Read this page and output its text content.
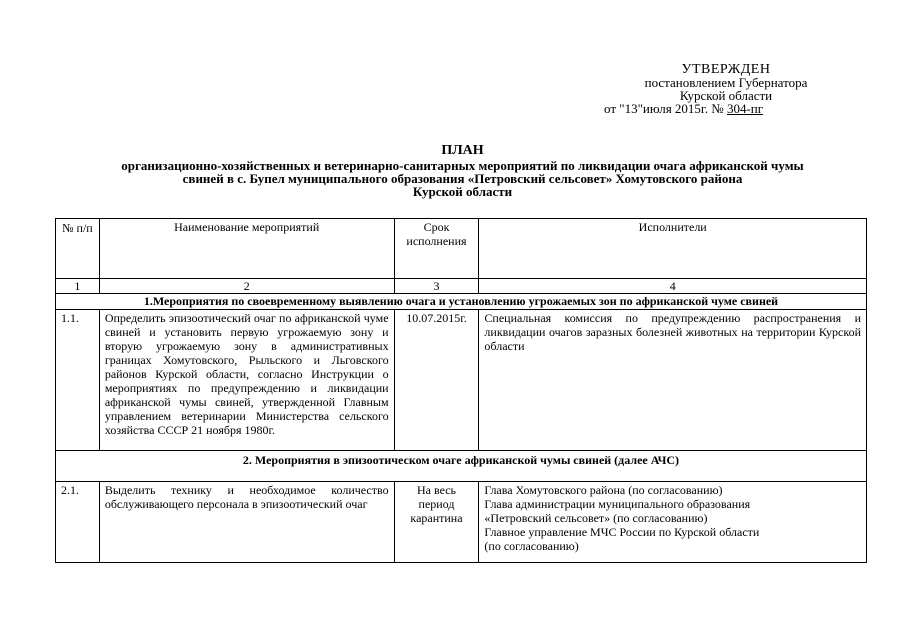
УТВЕРЖДЕН
постановлением Губернатора
Курской области
от "13"июля 2015г. № 304-пг
ПЛАН
организационно-хозяйственных и ветеринарно-санитарных мероприятий по ликвидации очага африканской чумы
свиней в с. Бупел муниципального образования «Петровский сельсовет» Хомутовского района
Курской области
№ п/п	Наименование мероприятий	Срок исполнения	Исполнители
1	2	3	4
1.Мероприятия по своевременному выявлению очага и установлению угрожаемых зон по африканской чуме свиней			
1.1.	Определить эпизоотический очаг по африканской чуме свиней и установить первую угрожаемую зону и вторую угрожаемую зону в административных границах Хомутовского, Рыльского и Льговского районов Курской области, согласно Инструкции о мероприятиях по предупреждению и ликвидации африканской чумы свиней, утвержденной Главным управлением ветеринарии Министерства сельского хозяйства СССР 21 ноября 1980г.	10.07.2015г.	Специальная комиссия по предупреждению распространения и ликвидации очагов заразных болезней животных на территории Курской области
2. Мероприятия в эпизоотическом очаге африканской чумы свиней (далее АЧС)			
2.1.	Выделить технику и необходимое количество обслуживающего персонала в эпизоотический очаг	На весь период карантина	Глава Хомутовского района (по согласованию)
Глава администрации муниципального образования
«Петровский сельсовет» (по согласованию)
Главное управление МЧС России по Курской области
(по согласованию)
